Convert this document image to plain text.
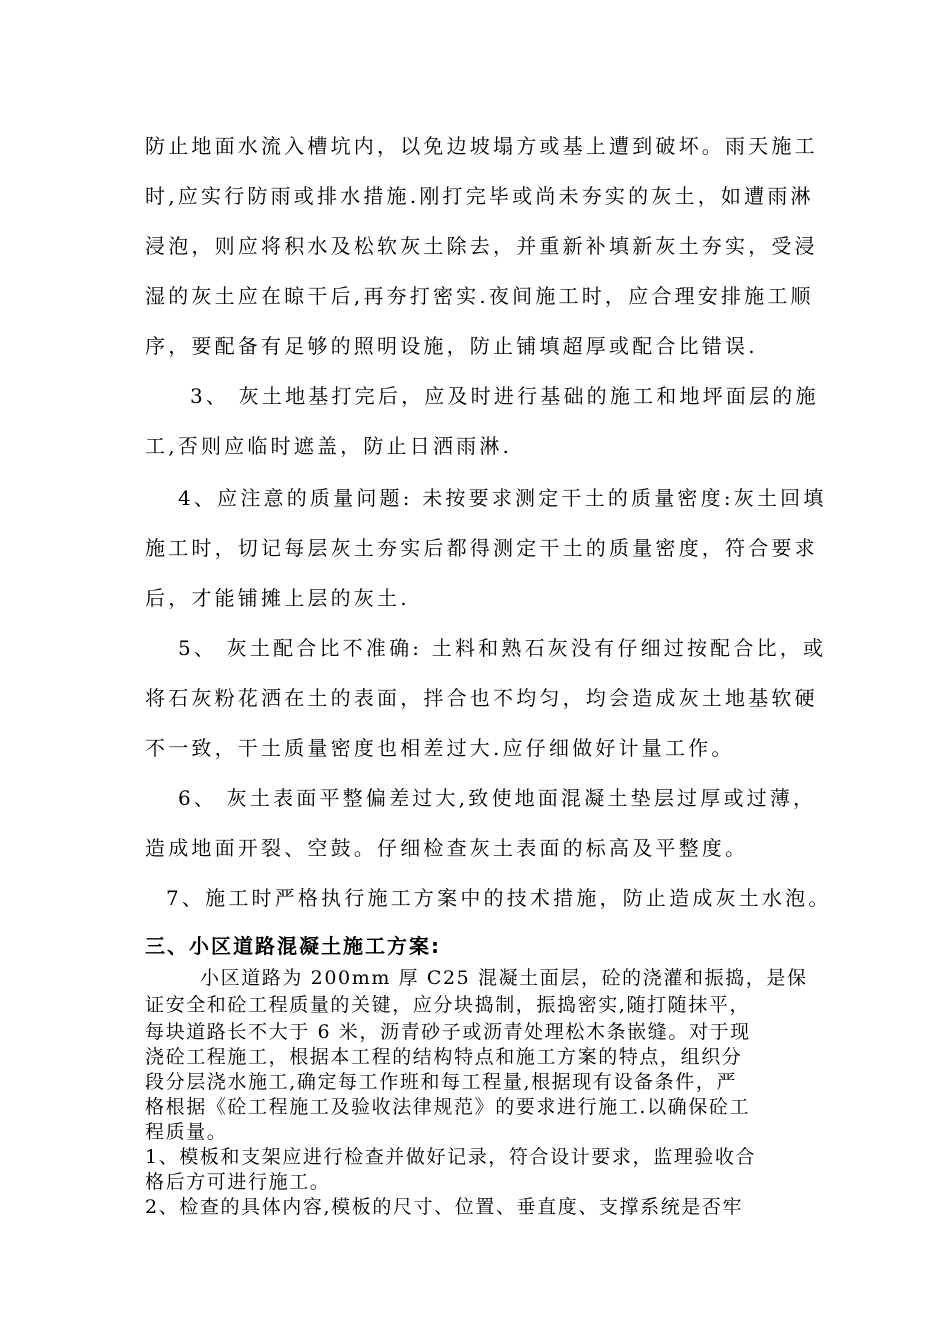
防止地面水流入槽坑内，以免边坡塌方或基上遭到破坏。雨天施工
时,应实行防雨或排水措施.刚打完毕或尚未夯实的灰土，如遭雨淋
浸泡，则应将积水及松软灰土除去，并重新补填新灰土夯实，受浸
湿的灰土应在晾干后,再夯打密实.夜间施工时，应合理安排施工顺
序，要配备有足够的照明设施，防止铺填超厚或配合比错误.
3、 灰土地基打完后，应及时进行基础的施工和地坪面层的施
工,否则应临时遮盖，防止日洒雨淋.
4、应注意的质量问题: 未按要求测定干土的质量密度:灰土回填
施工时，切记每层灰土夯实后都得测定干土的质量密度，符合要求
后，才能铺摊上层的灰土.
5、 灰土配合比不准确: 土料和熟石灰没有仔细过按配合比，或
将石灰粉花洒在土的表面，拌合也不均匀，均会造成灰土地基软硬
不一致，干土质量密度也相差过大.应仔细做好计量工作。
6、 灰土表面平整偏差过大,致使地面混凝土垫层过厚或过薄，
造成地面开裂、空鼓。仔细检查灰土表面的标高及平整度。
7、施工时严格执行施工方案中的技术措施，防止造成灰土水泡。
三、小区道路混凝土施工方案:
小区道路为 200mm 厚 C25 混凝土面层，砼的浇灌和振捣，是保
证安全和砼工程质量的关键，应分块捣制，振捣密实,随打随抹平，
每块道路长不大于 6 米，沥青砂子或沥青处理松木条嵌缝。对于现
浇砼工程施工，根据本工程的结构特点和施工方案的特点，组织分
段分层浇水施工,确定每工作班和每工程量,根据现有设备条件，严
格根据《砼工程施工及验收法律规范》的要求进行施工.以确保砼工
程质量。
1、模板和支架应进行检查并做好记录，符合设计要求，监理验收合
格后方可进行施工。
2、检查的具体内容,模板的尺寸、位置、垂直度、支撑系统是否牢
